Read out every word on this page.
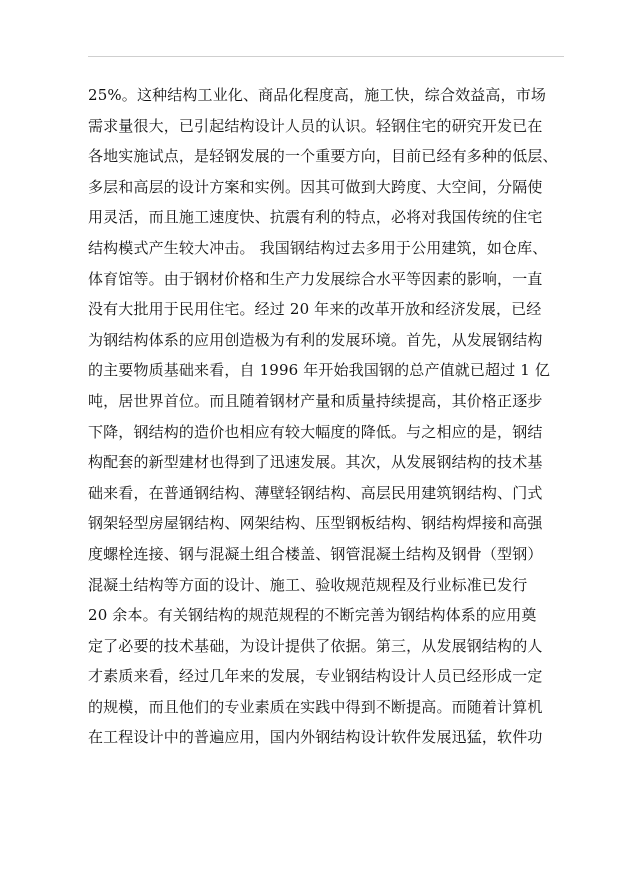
25%。这种结构工业化、商品化程度高，施工快，综合效益高，市场
需求量很大，已引起结构设计人员的认识。轻钢住宅的研究开发已在
各地实施试点，是轻钢发展的一个重要方向，目前已经有多种的低层、
多层和高层的设计方案和实例。因其可做到大跨度、大空间，分隔使
用灵活，而且施工速度快、抗震有利的特点，必将对我国传统的住宅
结构模式产生较大冲击。 我国钢结构过去多用于公用建筑，如仓库、
体育馆等。由于钢材价格和生产力发展综合水平等因素的影响，一直
没有大批用于民用住宅。经过 20 年来的改革开放和经济发展，已经
为钢结构体系的应用创造极为有利的发展环境。首先，从发展钢结构
的主要物质基础来看，自 1996 年开始我国钢的总产值就已超过 1 亿
吨，居世界首位。而且随着钢材产量和质量持续提高，其价格正逐步
下降，钢结构的造价也相应有较大幅度的降低。与之相应的是，钢结
构配套的新型建材也得到了迅速发展。其次，从发展钢结构的技术基
础来看，在普通钢结构、薄壁轻钢结构、高层民用建筑钢结构、门式
钢架轻型房屋钢结构、网架结构、压型钢板结构、钢结构焊接和高强
度螺栓连接、钢与混凝土组合楼盖、钢管混凝土结构及钢骨（型钢）
混凝土结构等方面的设计、施工、验收规范规程及行业标准已发行
20 余本。有关钢结构的规范规程的不断完善为钢结构体系的应用奠
定了必要的技术基础，为设计提供了依据。第三，从发展钢结构的人
才素质来看，经过几年来的发展，专业钢结构设计人员已经形成一定
的规模，而且他们的专业素质在实践中得到不断提高。而随着计算机
在工程设计中的普遍应用，国内外钢结构设计软件发展迅猛，软件功
